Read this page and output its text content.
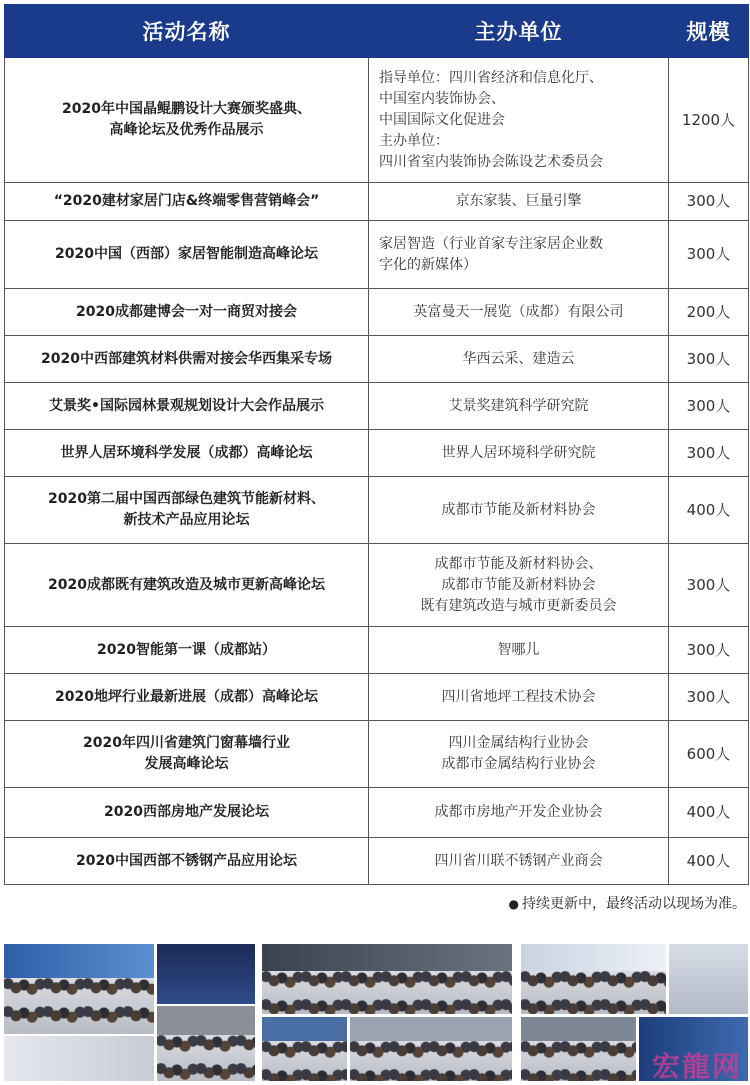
活动名称	主办单位	规模

2020年中国晶鲲鹏设计大赛颁奖盛典、
高峰论坛及优秀作品展示	指导单位：四川省经济和信息化厅、
中国室内装饰协会、
中国国际文化促进会
主办单位：
四川省室内装饰协会陈设艺术委员会	1200人

“2020建材家居门店&终端零售营销峰会”	京东家装、巨量引擎	300人

2020中国（西部）家居智能制造高峰论坛	家居智造（行业首家专注家居企业数
字化的新媒体）	300人

2020成都建博会一对一商贸对接会	英富曼天一展览（成都）有限公司	200人

2020中西部建筑材料供需对接会华西集采专场	华西云采、建造云	300人

艾景奖•国际园林景观规划设计大会作品展示	艾景奖建筑科学研究院	300人

世界人居环境科学发展（成都）高峰论坛	世界人居环境科学研究院	300人

2020第二届中国西部绿色建筑节能新材料、
新技术产品应用论坛	成都市节能及新材料协会	400人

2020成都既有建筑改造及城市更新高峰论坛	成都市节能及新材料协会、
成都市节能及新材料协会
既有建筑改造与城市更新委员会	300人

2020智能第一课（成都站）	智哪儿	300人

2020地坪行业最新进展（成都）高峰论坛	四川省地坪工程技术协会	300人

2020年四川省建筑门窗幕墙行业
发展高峰论坛	四川金属结构行业协会
成都市金属结构行业协会	600人

2020西部房地产发展论坛	成都市房地产开发企业协会	400人

2020中国西部不锈钢产品应用论坛	四川省川联不锈钢产业商会	400人
● 持续更新中，最终活动以现场为准。
宏龍网
